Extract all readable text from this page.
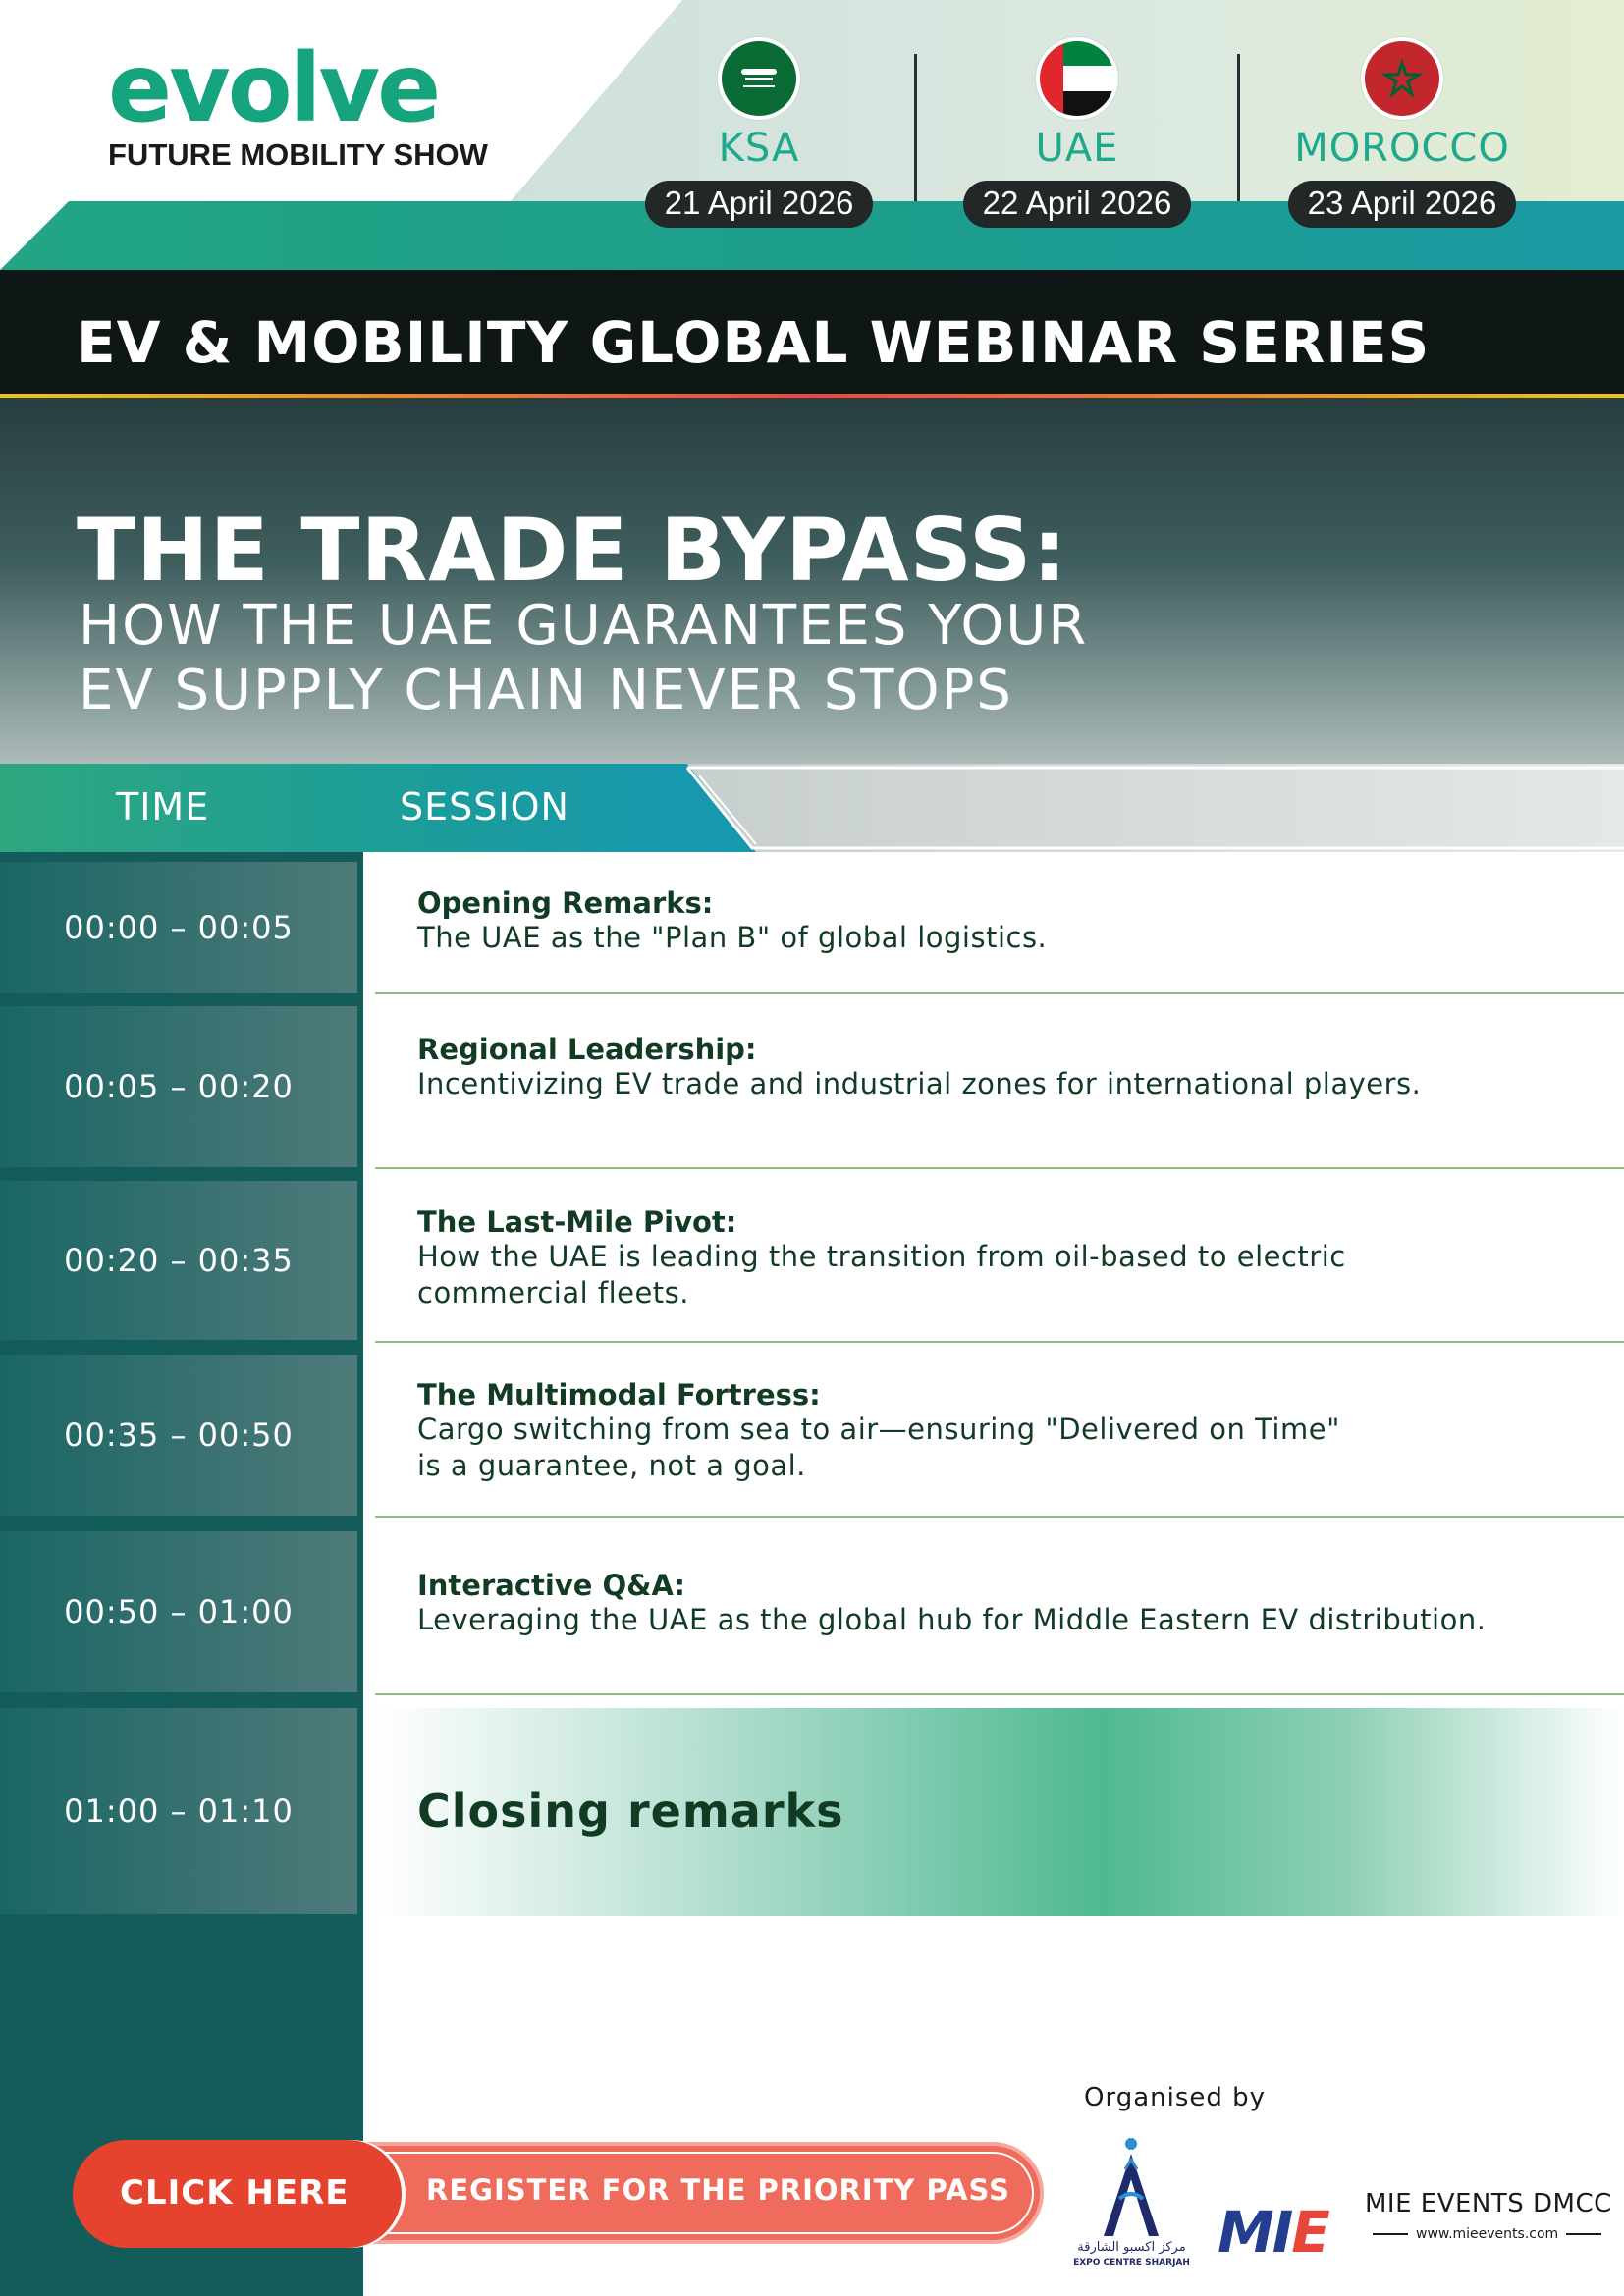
evolve
FUTURE MOBILITY SHOW	KSA
21 April 2026
UAE
22 April 2026
MOROCCO
23 April 2026
EV & MOBILITY GLOBAL WEBINAR SERIES
THE TRADE BYPASS:
HOW THE UAE GUARANTEES YOUR
EV SUPPLY CHAIN NEVER STOPS
TIME	SESSION
00:00 – 00:05
00:05 – 00:20
00:20 – 00:35
00:35 – 00:50
00:50 – 01:00
01:00 – 01:10
Opening Remarks:
The UAE as the "Plan B" of global logistics.
Regional Leadership:
Incentivizing EV trade and industrial zones for international players.
The Last-Mile Pivot:
How the UAE is leading the transition from oil-based to electric
commercial fleets.
The Multimodal Fortress:
Cargo switching from sea to air—ensuring "Delivered on Time"
is a guarantee, not a goal.
Interactive Q&A:
Leveraging the UAE as the global hub for Middle Eastern EV distribution.
Closing remarks
Organised by
REGISTER FOR THE PRIORITY PASS
CLICK HERE
مركز اكسبو الشارقة
EXPO CENTRE SHARJAH MIE MIE EVENTS DMCC
www.mieevents.com
